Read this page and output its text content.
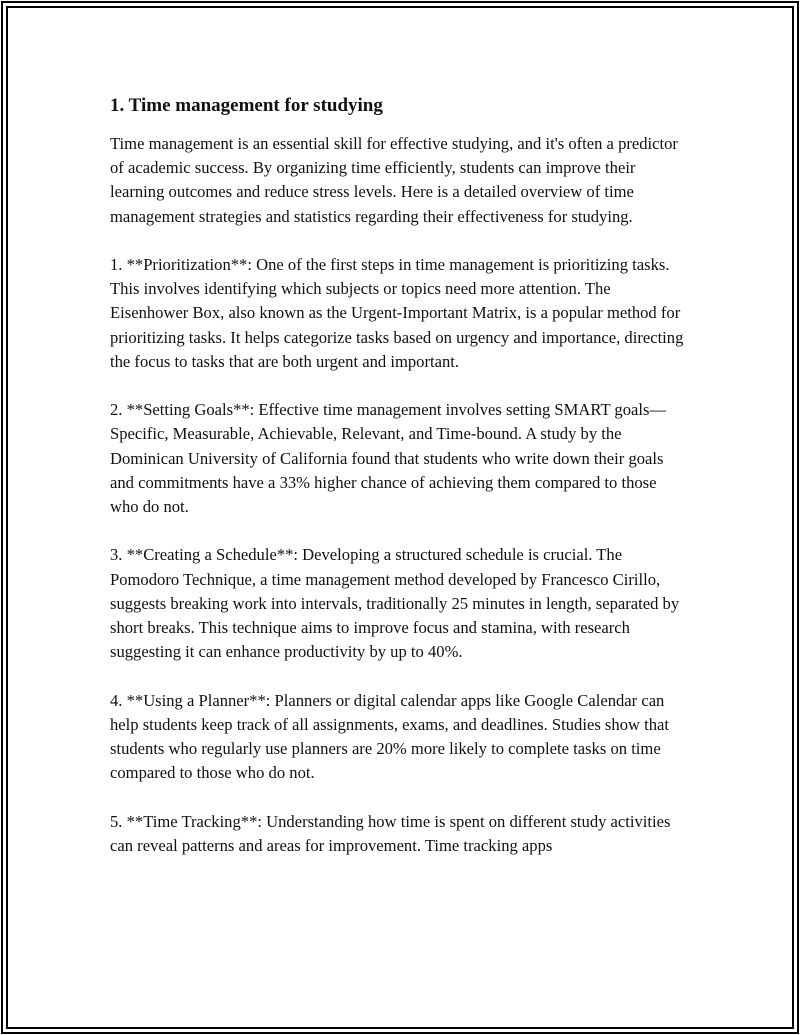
1. Time management for studying

Time management is an essential skill for effective studying, and it's often a predictor of academic success. By organizing time efficiently, students can improve their learning outcomes and reduce stress levels. Here is a detailed overview of time management strategies and statistics regarding their effectiveness for studying.

1. **Prioritization**: One of the first steps in time management is prioritizing tasks. This involves identifying which subjects or topics need more attention. The Eisenhower Box, also known as the Urgent-Important Matrix, is a popular method for prioritizing tasks. It helps categorize tasks based on urgency and importance, directing the focus to tasks that are both urgent and important.

2. **Setting Goals**: Effective time management involves setting SMART goals—Specific, Measurable, Achievable, Relevant, and Time-bound. A study by the Dominican University of California found that students who write down their goals and commitments have a 33% higher chance of achieving them compared to those who do not.

3. **Creating a Schedule**: Developing a structured schedule is crucial. The Pomodoro Technique, a time management method developed by Francesco Cirillo, suggests breaking work into intervals, traditionally 25 minutes in length, separated by short breaks. This technique aims to improve focus and stamina, with research suggesting it can enhance productivity by up to 40%.

4. **Using a Planner**: Planners or digital calendar apps like Google Calendar can help students keep track of all assignments, exams, and deadlines. Studies show that students who regularly use planners are 20% more likely to complete tasks on time compared to those who do not.

5. **Time Tracking**: Understanding how time is spent on different study activities can reveal patterns and areas for improvement. Time tracking apps
